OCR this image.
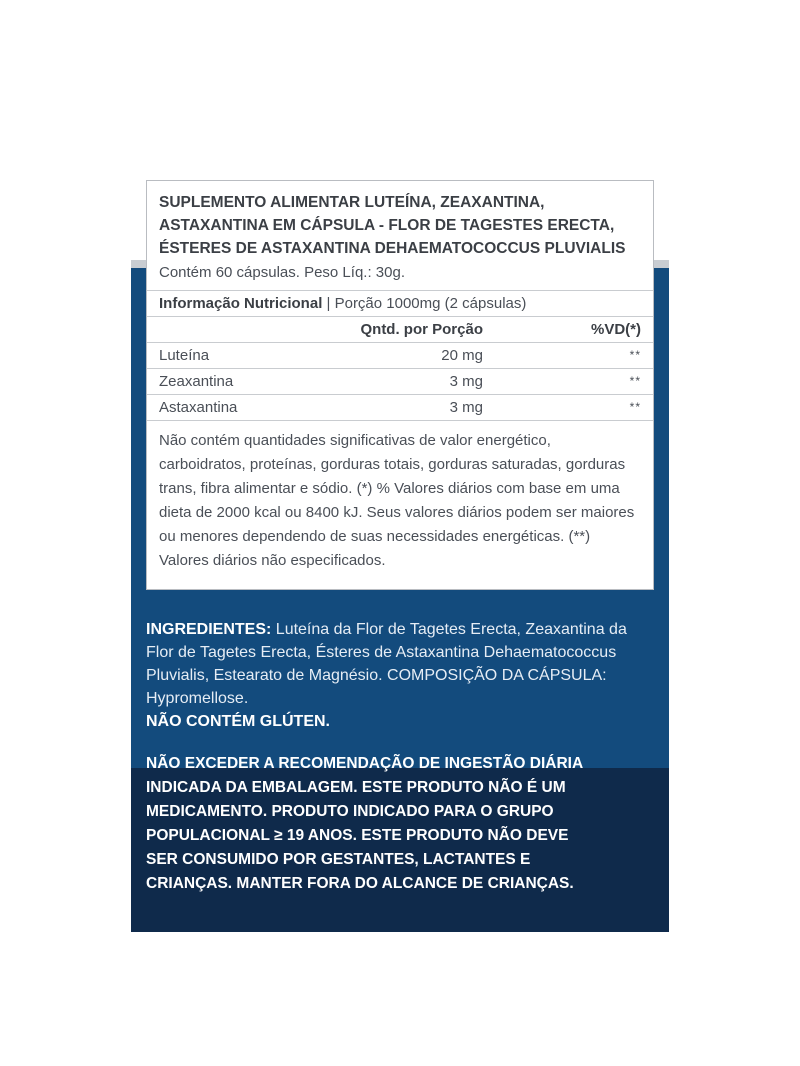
SUPLEMENTO ALIMENTAR LUTEÍNA, ZEAXANTINA,
ASTAXANTINA EM CÁPSULA - FLOR DE TAGESTES ERECTA,
ÉSTERES DE ASTAXANTINA DEHAEMATOCOCCUS PLUVIALIS

Contém 60 cápsulas. Peso Líq.: 30g.
Informação Nutricional | Porção 1000mg (2 cápsulas)		
	Qntd. por Porção	%VD(*)
Luteína	20 mg	**
Zeaxantina	3 mg	**
Astaxantina	3 mg	**
Não contém quantidades significativas de valor energético, carboidratos, proteínas, gorduras totais, gorduras saturadas, gorduras trans, fibra alimentar e sódio. (*) % Valores diários com base em uma dieta de 2000 kcal ou 8400 kJ. Seus valores diários podem ser maiores ou menores dependendo de suas necessidades energéticas. (**) Valores diários não especificados.
INGREDIENTES: Luteína da Flor de Tagetes Erecta, Zeaxantina da Flor de Tagetes Erecta, Ésteres de Astaxantina Dehaematococcus Pluvialis, Estearato de Magnésio. COMPOSIÇÃO DA CÁPSULA: Hypromellose.
NÃO CONTÉM GLÚTEN.
NÃO EXCEDER A RECOMENDAÇÃO DE INGESTÃO DIÁRIA
INDICADA DA EMBALAGEM. ESTE PRODUTO NÃO É UM
MEDICAMENTO. PRODUTO INDICADO PARA O GRUPO
POPULACIONAL ≥ 19 ANOS. ESTE PRODUTO NÃO DEVE
SER CONSUMIDO POR GESTANTES, LACTANTES E
CRIANÇAS. MANTER FORA DO ALCANCE DE CRIANÇAS.
